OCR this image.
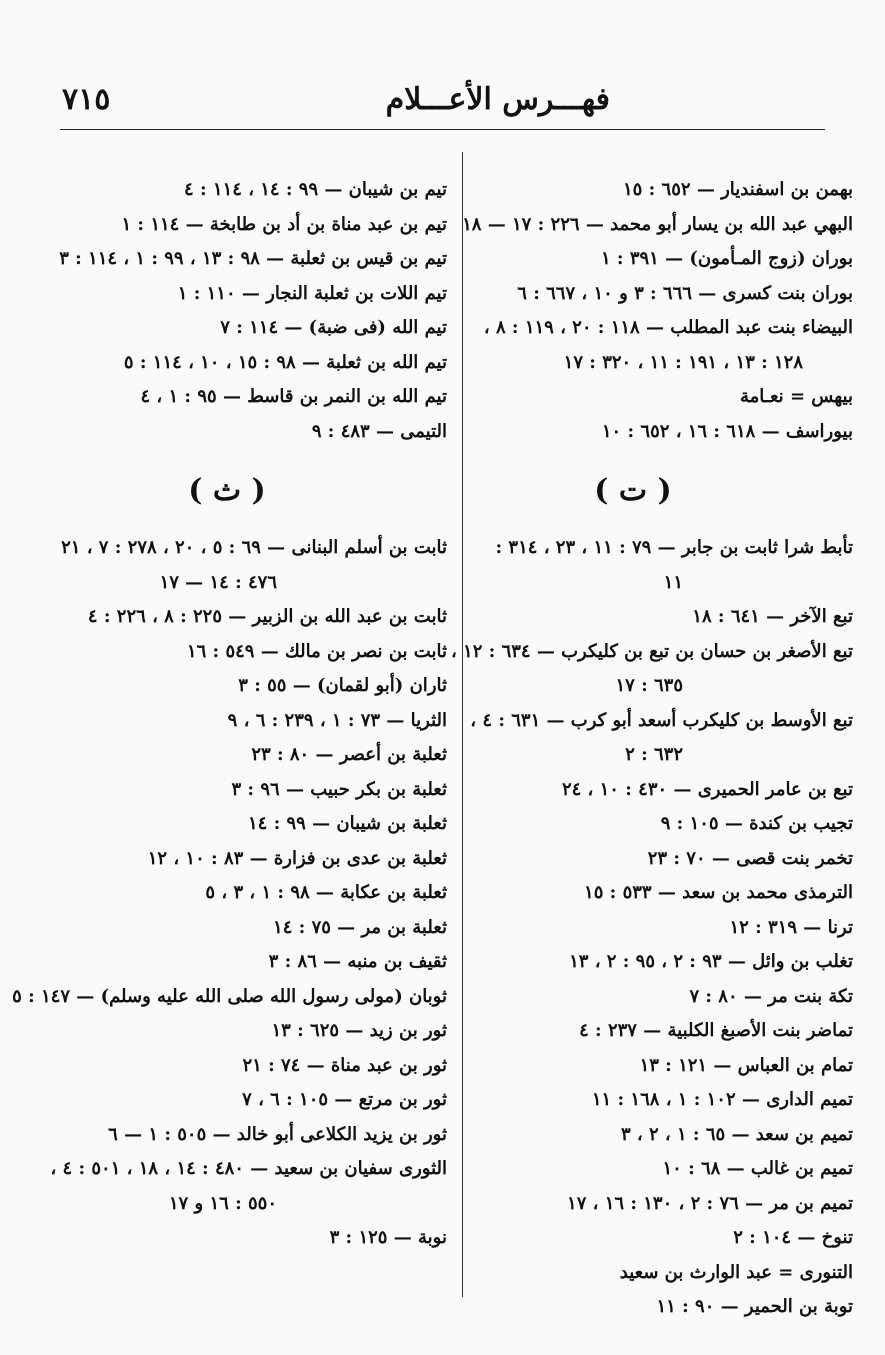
فهـــرس الأعـــلام
٧١٥
بهمن بن اسفنديار — ٦٥٢ : ١٥
البهي عبد الله بن يسار أبو محمد — ٢٢٦ : ١٧ — ١٨
بوران (زوج المـأمون) — ٣٩١ : ١
بوران بنت كسرى — ٦٦٦ : ٣ و ١٠ ، ٦٦٧ : ٦
البيضاء بنت عبد المطلب — ١١٨ : ٢٠ ، ١١٩ : ٨ ،
١٢٨ : ١٣ ، ١٩١ : ١١ ، ٣٢٠ : ١٧
بيهس = نعـامة
بيوراسف — ٦١٨ : ١٦ ، ٦٥٢ : ١٠
( ت )
تأبط شرا ثابت بن جابر — ٧٩ : ١١ ، ٢٣ ، ٣١٤ :
١١
تبع الآخر — ٦٤١ : ١٨
تبع الأصغر بن حسان بن تبع بن كليكرب — ٦٣٤ : ١٢ ،
٦٣٥ : ١٧
تبع الأوسط بن كليكرب أسعد أبو كرب — ٦٣١ : ٤ ،
٦٣٢ : ٢
تبع بن عامر الحميرى — ٤٣٠ : ١٠ ، ٢٤
تجيب بن كندة — ١٠٥ : ٩
تخمر بنت قصى — ٧٠ : ٢٣
الترمذى محمد بن سعد — ٥٣٣ : ١٥
ترنا — ٣١٩ : ١٢
تغلب بن وائل — ٩٣ : ٢ ، ٩٥ : ٢ ، ١٣
تكة بنت مر — ٨٠ : ٧
تماضر بنت الأصبغ الكلبية — ٢٣٧ : ٤
تمام بن العباس — ١٢١ : ١٣
تميم الدارى — ١٠٢ : ١ ، ١٦٨ : ١١
تميم بن سعد — ٦٥ : ١ ، ٢ ، ٣
تميم بن غالب — ٦٨ : ١٠
تميم بن مر — ٧٦ : ٢ ، ١٣٠ : ١٦ ، ١٧
تنوخ — ١٠٤ : ٢
التنورى = عبد الوارث بن سعيد
توبة بن الحمير — ٩٠ : ١١
تيم بن شيبان — ٩٩ : ١٤ ، ١١٤ : ٤
تيم بن عبد مناة بن أد بن طابخة — ١١٤ : ١
تيم بن قيس بن ثعلبة — ٩٨ : ١٣ ، ٩٩ : ١ ، ١١٤ : ٣
تيم اللات بن ثعلبة النجار — ١١٠ : ١
تيم الله (فى ضبة) — ١١٤ : ٧
تيم الله بن ثعلبة — ٩٨ : ١٥ ، ١٠ ، ١١٤ : ٥
تيم الله بن النمر بن قاسط — ٩٥ : ١ ، ٤
التيمى — ٤٨٣ : ٩
( ث )
ثابت بن أسلم البنانى — ٦٩ : ٥ ، ٢٠ ، ٢٧٨ : ٧ ، ٢١
٤٧٦ : ١٤ — ١٧
ثابت بن عبد الله بن الزبير — ٢٢٥ : ٨ ، ٢٢٦ : ٤
ثابت بن نصر بن مالك — ٥٤٩ : ١٦
ثاران (أبو لقمان) — ٥٥ : ٣
الثريا — ٧٣ : ١ ، ٢٣٩ : ٦ ، ٩
ثعلبة بن أعصر — ٨٠ : ٢٣
ثعلبة بن بكر حبيب — ٩٦ : ٣
ثعلبة بن شيبان — ٩٩ : ١٤
ثعلبة بن عدى بن فزارة — ٨٣ : ١٠ ، ١٢
ثعلبة بن عكابة — ٩٨ : ١ ، ٣ ، ٥
ثعلبة بن مر — ٧٥ : ١٤
ثقيف بن منبه — ٨٦ : ٣
ثوبان (مولى رسول الله صلى الله عليه وسلم) — ١٤٧ : ٥
ثور بن زيد — ٦٢٥ : ١٣
ثور بن عبد مناة — ٧٤ : ٢١
ثور بن مرتع — ١٠٥ : ٦ ، ٧
ثور بن يزيد الكلاعى أبو خالد — ٥٠٥ : ١ — ٦
الثورى سفيان بن سعيد — ٤٨٠ : ١٤ ، ١٨ ، ٥٠١ : ٤ ،
٥٥٠ : ١٦ و ١٧
نوبة — ١٢٥ : ٣
